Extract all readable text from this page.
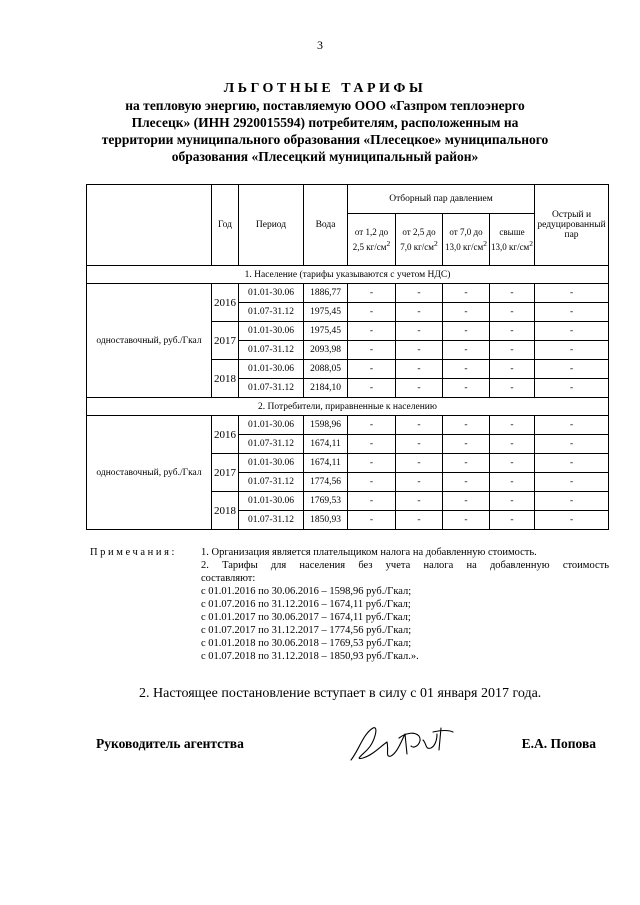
3
ЛЬГОТНЫЕ ТАРИФЫ
на тепловую энергию, поставляемую ООО «Газпром теплоэнерго
Плесецк» (ИНН 2920015594) потребителям, расположенным на
территории муниципального образования «Плесецкое» муниципального
образования «Плесецкий муниципальный район»
	Год	Период	Вода	Отборный пар давлением				Острый и редуцированный пар
				от 1,2 до 2,5 $кг/см^2$	от 2,5 до 7,0 $кг/см^2$	от 7,0 до 13,0 $кг/см^2$	свыше 13,0 $кг/см^2$
1. Население (тарифы указываются с учетом НДС)								
одноставочный, руб./Гкал	2016	01.01-30.06	1886,77	-	-	-	-	-
		01.07-31.12	1975,45	-	-	-	-	-
	2017	01.01-30.06	1975,45	-	-	-	-	-
		01.07-31.12	2093,98	-	-	-	-	-
	2018	01.01-30.06	2088,05	-	-	-	-	-
		01.07-31.12	2184,10	-	-	-	-	-
2. Потребители, приравненные к населению								
одноставочный, руб./Гкал	2016	01.01-30.06	1598,96	-	-	-	-	-
		01.07-31.12	1674,11	-	-	-	-	-
	2017	01.01-30.06	1674,11	-	-	-	-	-
		01.07-31.12	1774,56	-	-	-	-	-
	2018	01.01-30.06	1769,53	-	-	-	-	-
		01.07-31.12	1850,93	-	-	-	-	-
Примечания: 1. Организация является плательщиком налога на добавленную стоимость.
2. Тарифы для населения без учета налога на добавленную стоимость
составляют:
с 01.01.2016 по 30.06.2016 – 1598,96 руб./Гкал;
с 01.07.2016 по 31.12.2016 – 1674,11 руб./Гкал;
с 01.01.2017 по 30.06.2017 – 1674,11 руб./Гкал;
с 01.07.2017 по 31.12.2017 – 1774,56 руб./Гкал;
с 01.01.2018 по 30.06.2018 – 1769,53 руб./Гкал;
с 01.07.2018 по 31.12.2018 – 1850,93 руб./Гкал.».
2. Настоящее постановление вступает в силу с 01 января 2017 года.
Руководитель агентства	Е.А. Попова
